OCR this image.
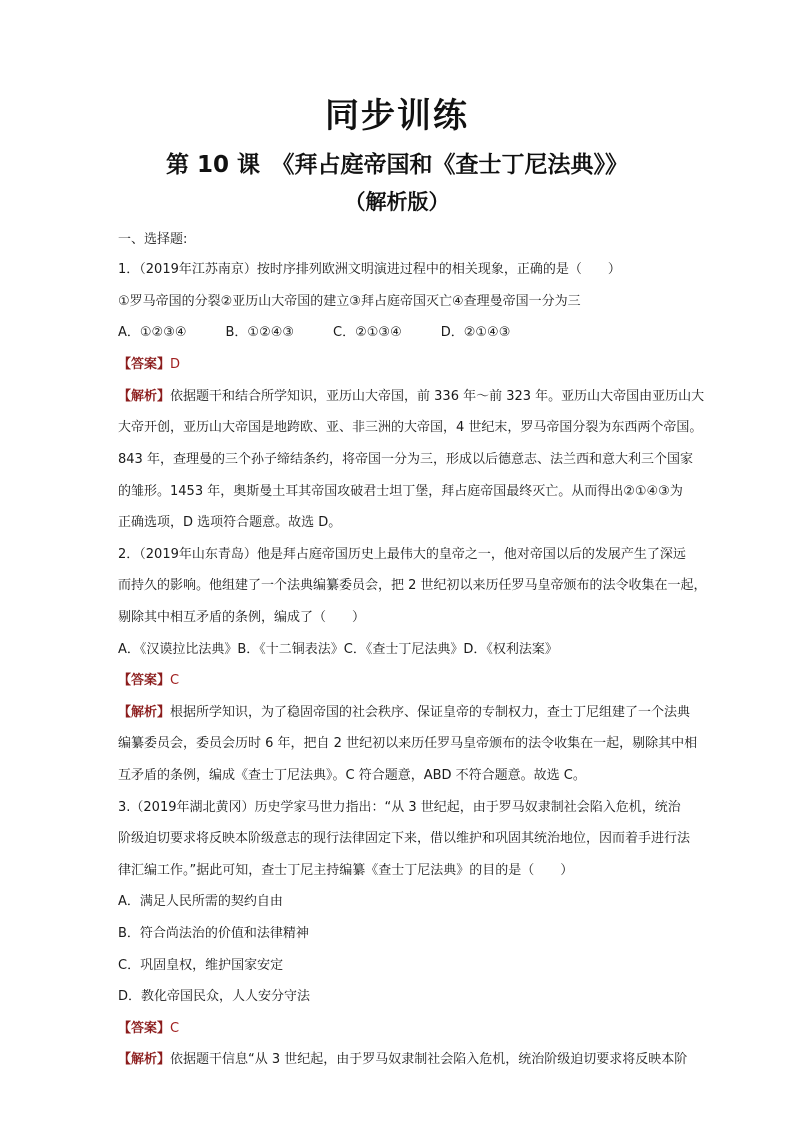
同步训练
第 10 课　《拜占庭帝国和《查士丁尼法典》》
（解析版）
一、选择题:
1．（2019年江苏南京）按时序排列欧洲文明演进过程中的相关现象，正确的是（　　）
①罗马帝国的分裂②亚历山大帝国的建立③拜占庭帝国灭亡④查理曼帝国一分为三
A．①②③④　　　B．①②④③　　　C．②①③④　　　D．②①④③
【答案】D
【解析】依据题干和结合所学知识，亚历山大帝国，前 336 年～前 323 年。亚历山大帝国由亚历山大
大帝开创，亚历山大帝国是地跨欧、亚、非三洲的大帝国，4 世纪末，罗马帝国分裂为东西两个帝国。
843 年，查理曼的三个孙子缔结条约，将帝国一分为三，形成以后德意志、法兰西和意大利三个国家
的雏形。1453 年，奥斯曼土耳其帝国攻破君士坦丁堡，拜占庭帝国最终灭亡。从而得出②①④③为
正确选项，D 选项符合题意。故选 D。
2．（2019年山东青岛）他是拜占庭帝国历史上最伟大的皇帝之一，他对帝国以后的发展产生了深远
而持久的影响。他组建了一个法典编纂委员会，把 2 世纪初以来历任罗马皇帝颁布的法令收集在一起，
剔除其中相互矛盾的条例，编成了（　　）
A．《汉谟拉比法典》B．《十二铜表法》C．《查士丁尼法典》D．《权利法案》
【答案】C
【解析】根据所学知识，为了稳固帝国的社会秩序、保证皇帝的专制权力，查士丁尼组建了一个法典
编纂委员会，委员会历时 6 年，把自 2 世纪初以来历任罗马皇帝颁布的法令收集在一起，剔除其中相
互矛盾的条例，编成《查士丁尼法典》。C 符合题意，ABD 不符合题意。故选 C。
3.（2019年湖北黄冈）历史学家马世力指出：“从 3 世纪起，由于罗马奴隶制社会陷入危机，统治
阶级迫切要求将反映本阶级意志的现行法律固定下来，借以维护和巩固其统治地位，因而着手进行法
律汇编工作。”据此可知，查士丁尼主持编纂《查士丁尼法典》的目的是（　　）
A．满足人民所需的契约自由
B．符合尚法治的价值和法律精神
C．巩固皇权，维护国家安定
D．教化帝国民众，人人安分守法
【答案】C
【解析】依据题干信息“从 3 世纪起，由于罗马奴隶制社会陷入危机，统治阶级迫切要求将反映本阶
